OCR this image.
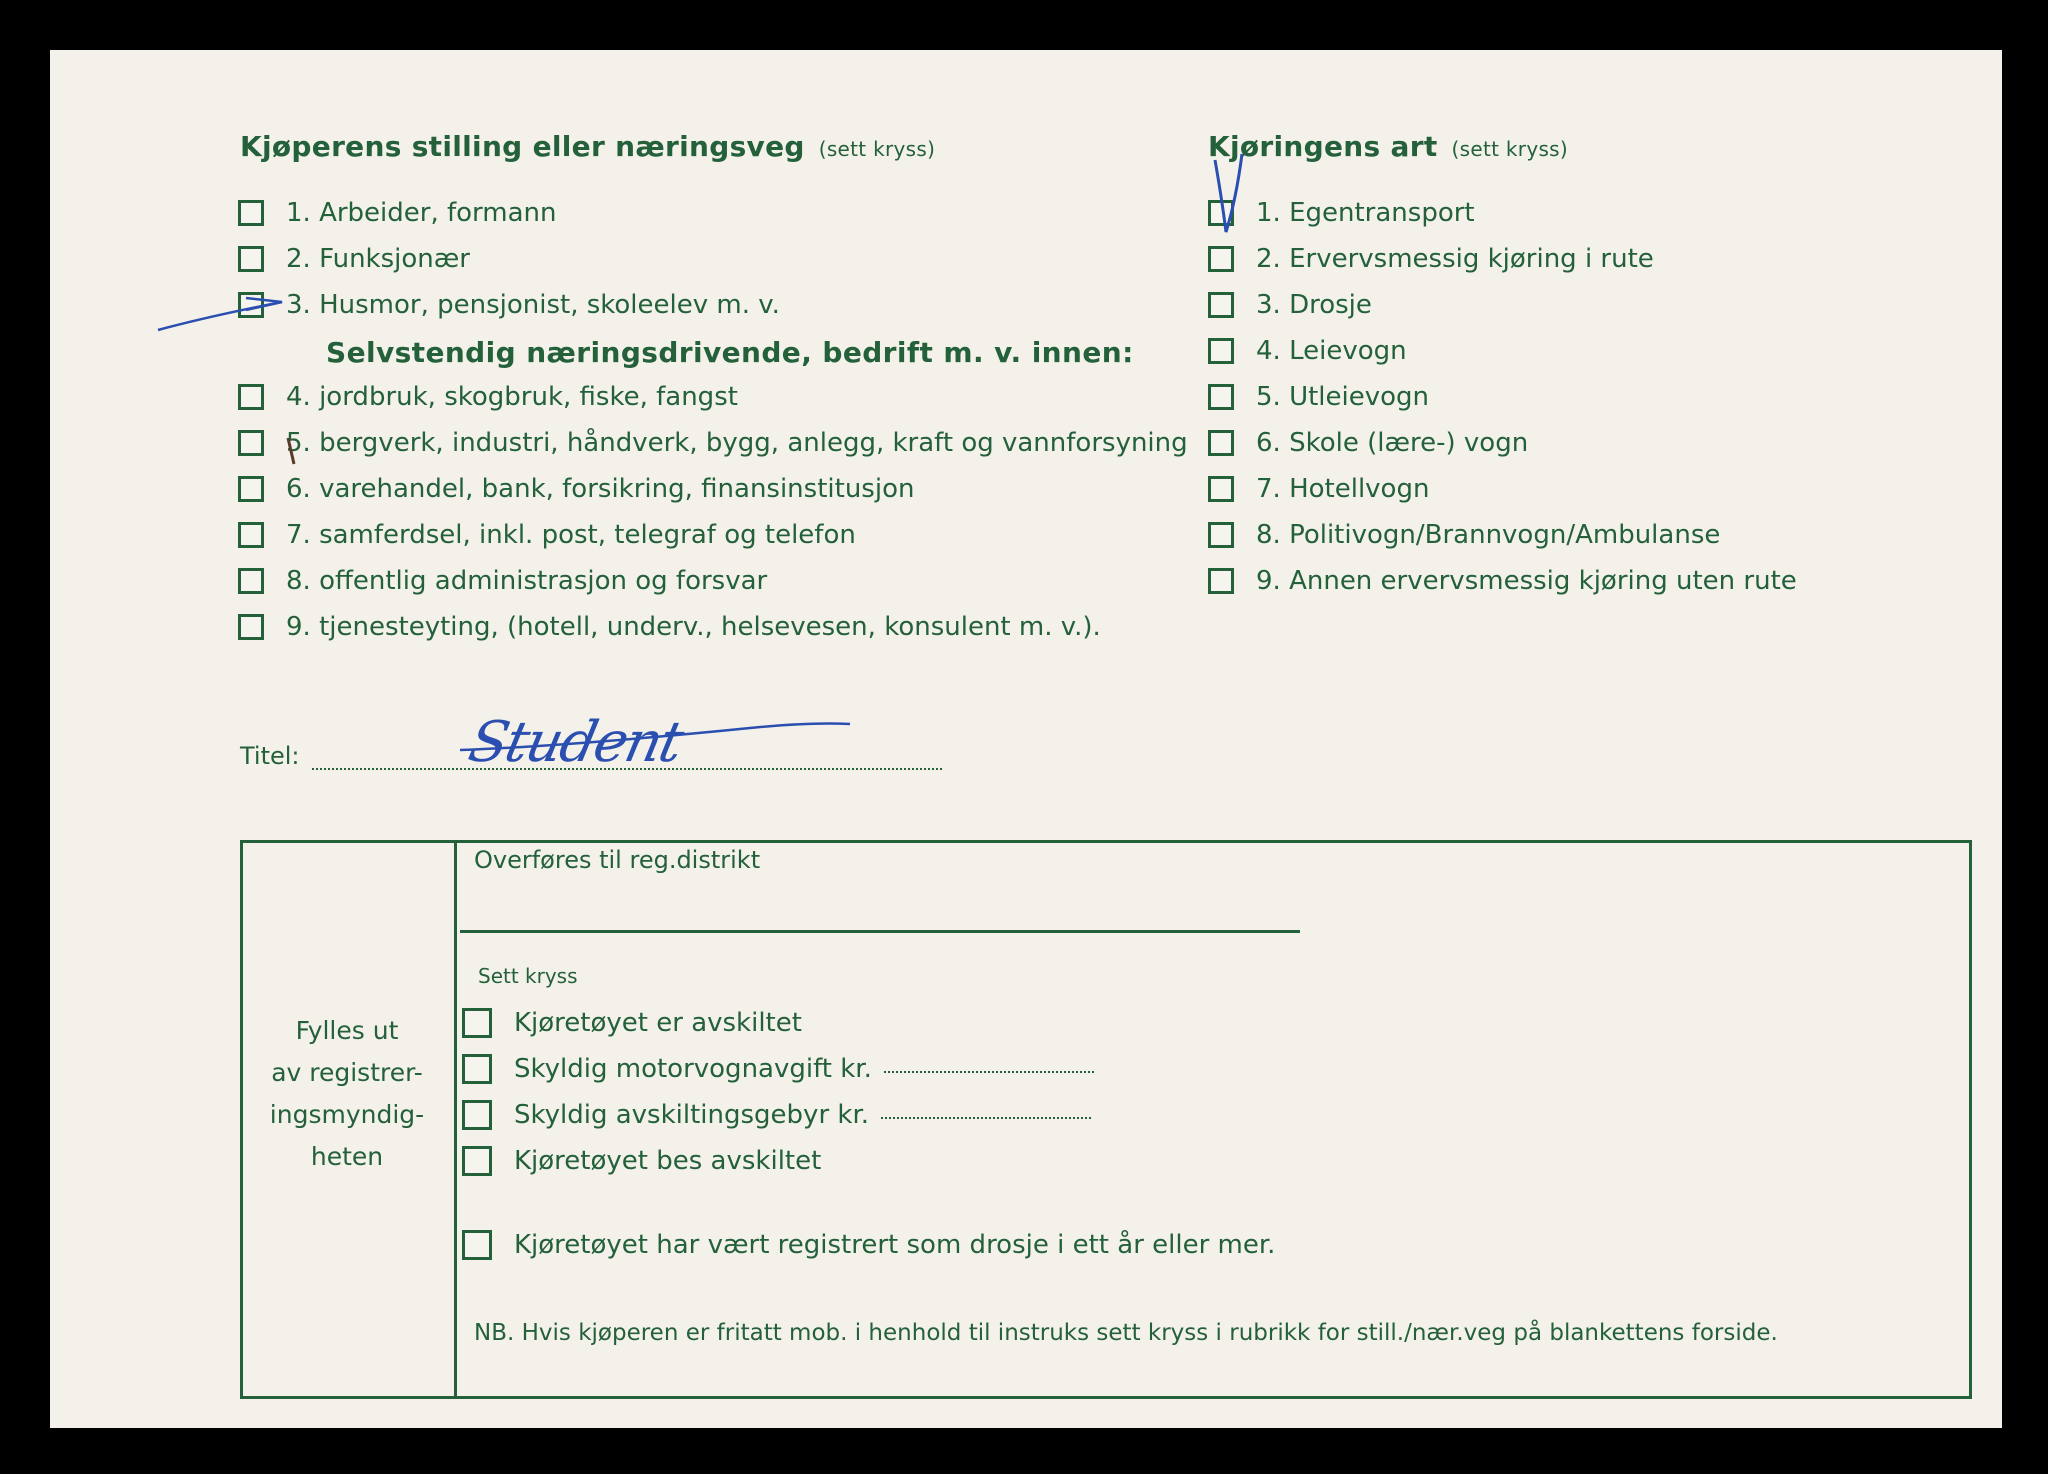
Kjøperens stilling eller næringsveg (sett kryss)
1. Arbeider, formann
2. Funksjonær
3. Husmor, pensjonist, skoleelev m. v.
Selvstendig næringsdrivende, bedrift m. v. innen:
4. jordbruk, skogbruk, fiske, fangst
5. bergverk, industri, håndverk, bygg, anlegg, kraft og vannforsyning
6. varehandel, bank, forsikring, finansinstitusjon
7. samferdsel, inkl. post, telegraf og telefon
8. offentlig administrasjon og forsvar
9. tjenesteyting, (hotell, underv., helsevesen, konsulent m. v.).
Kjøringens art (sett kryss)
1. Egentransport
2. Ervervsmessig kjøring i rute
3. Drosje
4. Leievogn
5. Utleievogn
6. Skole (lære-) vogn
7. Hotellvogn
8. Politivogn/Brannvogn/Ambulanse
9. Annen ervervsmessig kjøring uten rute
Titel:	Student
Fylles ut
av registrer-
ingsmyndig-
heten
Overføres til reg.distrikt
Sett kryss
Kjøretøyet er avskiltet
Skyldig motorvognavgift kr.
Skyldig avskiltingsgebyr kr.
Kjøretøyet bes avskiltet
Kjøretøyet har vært registrert som drosje i ett år eller mer.
NB. Hvis kjøperen er fritatt mob. i henhold til instruks sett kryss i rubrikk for still./nær.veg på blankettens forside.
